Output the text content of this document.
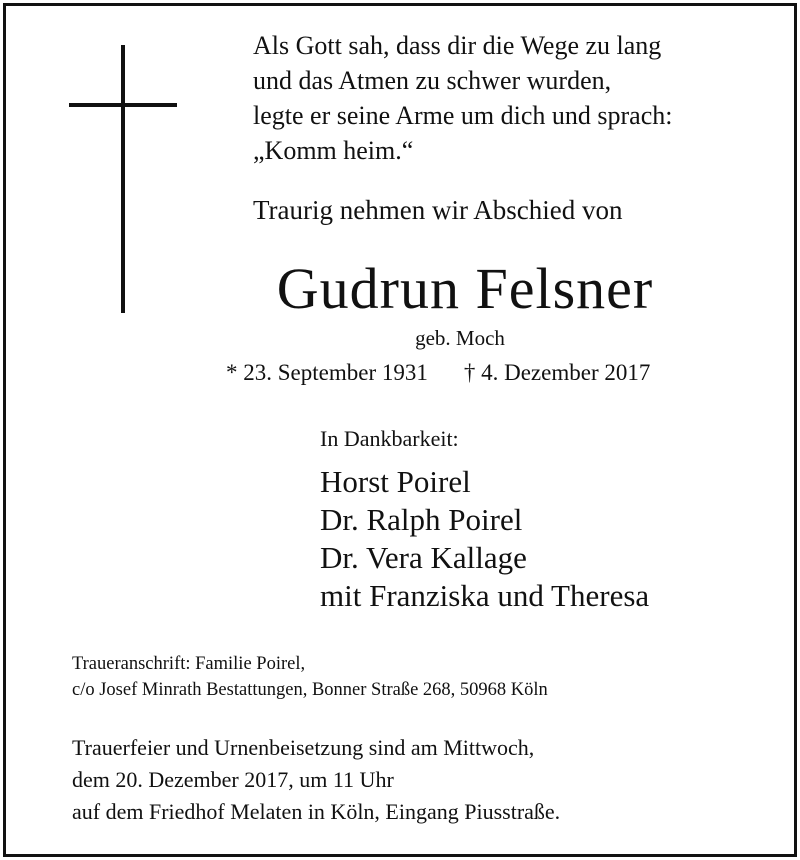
Als Gott sah, dass dir die Wege zu lang
und das Atmen zu schwer wurden,
legte er seine Arme um dich und sprach:
„Komm heim.“
Traurig nehmen wir Abschied von
Gudrun Felsner
geb. Moch
* 23. September 1931 † 4. Dezember 2017
In Dankbarkeit:
Horst Poirel
Dr. Ralph Poirel
Dr. Vera Kallage
mit Franziska und Theresa
Traueranschrift: Familie Poirel,
c/o Josef Minrath Bestattungen, Bonner Straße 268, 50968 Köln
Trauerfeier und Urnenbeisetzung sind am Mittwoch,
dem 20. Dezember 2017, um 11 Uhr
auf dem Friedhof Melaten in Köln, Eingang Piusstraße.
